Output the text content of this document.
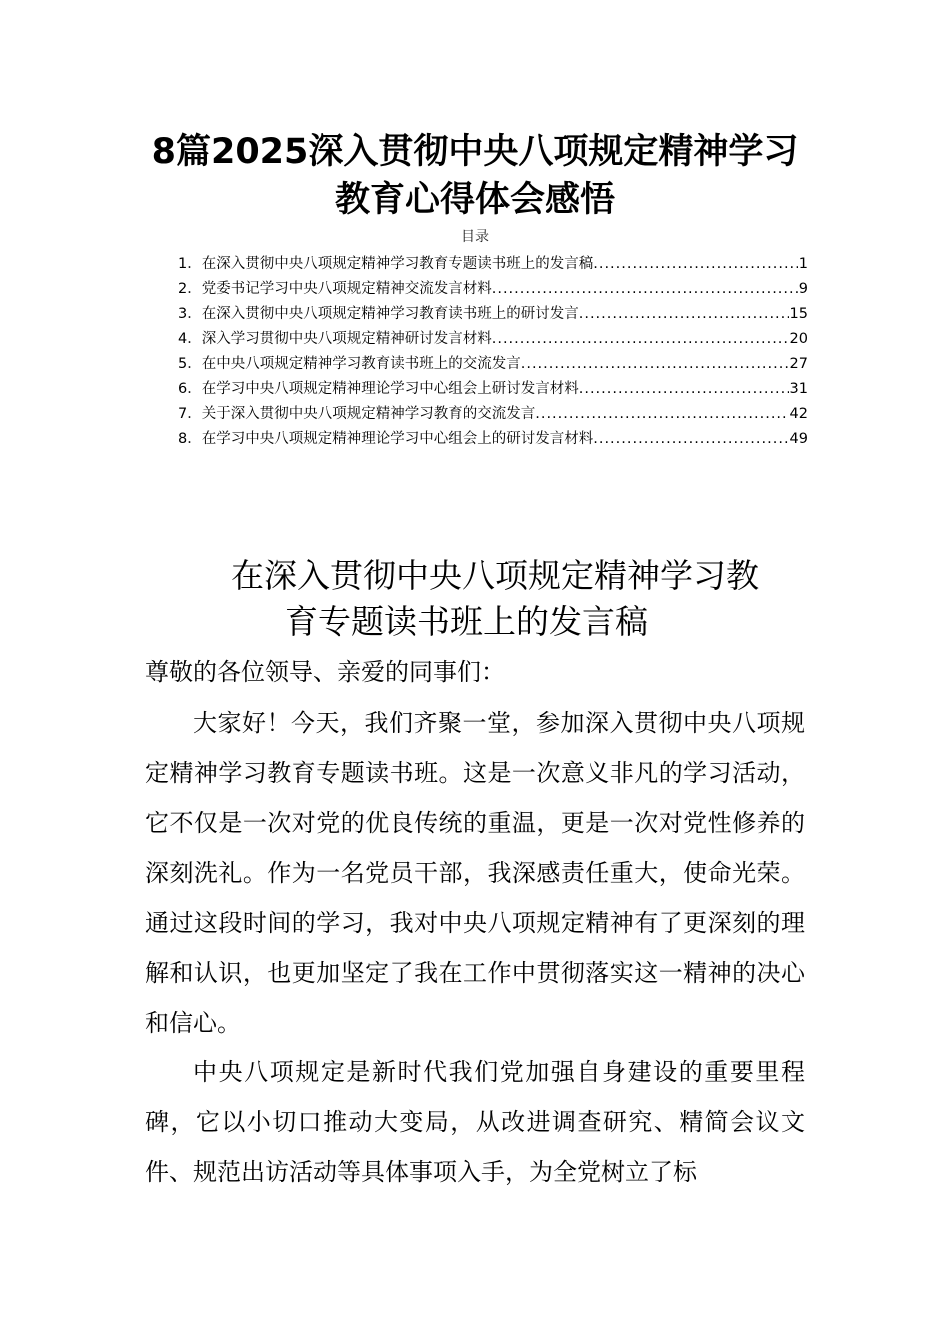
8篇2025深入贯彻中央八项规定精神学习教育心得体会感悟
目录
1． 在深入贯彻中央八项规定精神学习教育专题读书班上的发言稿 .....	1
2． 党委书记学习中央八项规定精神交流发言材料 .....	9
3． 在深入贯彻中央八项规定精神学习教育读书班上的研讨发言 .....	15
4． 深入学习贯彻中央八项规定精神研讨发言材料 .....	20
5． 在中央八项规定精神学习教育读书班上的交流发言 .....	27
6． 在学习中央八项规定精神理论学习中心组会上研讨发言材料 .....	31
7． 关于深入贯彻中央八项规定精神学习教育的交流发言 .....	42
8． 在学习中央八项规定精神理论学习中心组会上的研讨发言材料 .....	49
在深入贯彻中央八项规定精神学习教
育专题读书班上的发言稿

尊敬的各位领导、亲爱的同事们：

大家好！今天，我们齐聚一堂，参加深入贯彻中央八项规定精神学习教育专题读书班。这是一次意义非凡的学习活动，它不仅是一次对党的优良传统的重温，更是一次对党性修养的深刻洗礼。作为一名党员干部，我深感责任重大，使命光荣。通过这段时间的学习，我对中央八项规定精神有了更深刻的理解和认识，也更加坚定了我在工作中贯彻落实这一精神的决心和信心。

中央八项规定是新时代我们党加强自身建设的重要里程碑，它以小切口推动大变局，从改进调查研究、精简会议文件、规范出访活动等具体事项入手，为全党树立了标
